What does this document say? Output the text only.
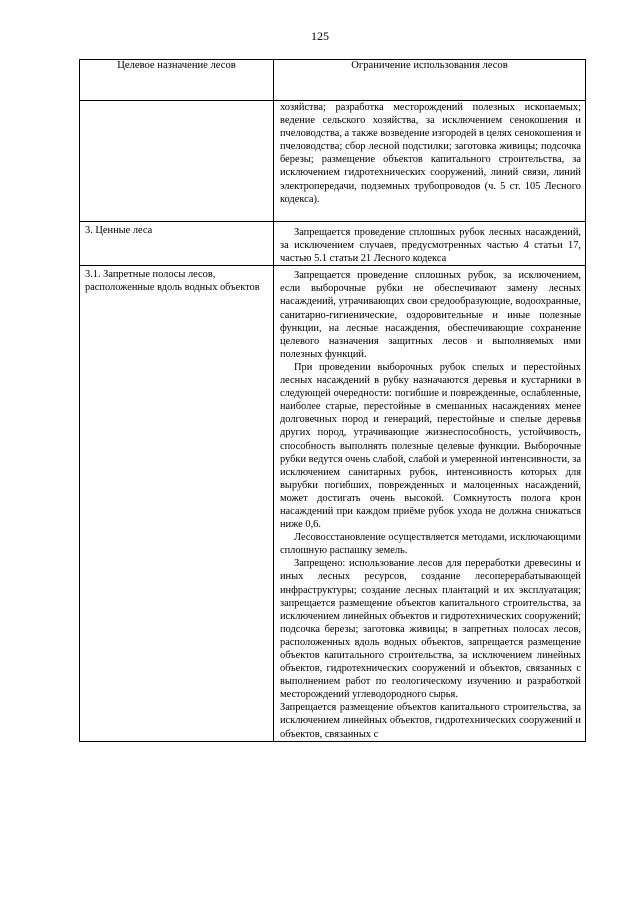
125
Целевое назначение лесов	Ограничение использования лесов

	хозяйства; разработка месторождений полезных ископаемых; ведение сельского хозяйства, за исключением сенокошения и пчеловодства, а также возведение изгородей в целях сенокошения и пчеловодства; сбор лесной подстилки; заготовка живицы; подсочка березы; размещение объектов капитального строительства, за исключением гидротехнических сооружений, линий связи, линий электропередачи, подземных трубопроводов (ч. 5 ст. 105 Лесного кодекса).

3. Ценные леса	Запрещается проведение сплошных рубок лесных насаждений, за исключением случаев, предусмотренных частью 4 статьи 17, частью 5.1 статьи 21 Лесного кодекса

3.1. Запретные полосы лесов, расположенные вдоль водных объектов	Запрещается проведение сплошных рубок, за исключением, если выборочные рубки не обеспечивают замену лесных насаждений, утрачивающих свои средообразующие, водоохранные, санитарно-гигиенические, оздоровительные и иные полезные функции, на лесные насаждения, обеспечивающие сохранение целевого назначения защитных лесов и выполняемых ими полезных функций.

При проведении выборочных рубок спелых и перестойных лесных насаждений в рубку назначаются деревья и кустарники в следующей очередности: погибшие и поврежденные, ослабленные, наиболее старые, перестойные в смешанных насаждениях менее долговечных пород и генераций, перестойные и спелые деревья других пород, утрачивающие жизнеспособность, устойчивость, способность выполнять полезные целевые функции. Выборочные рубки ведутся очень слабой, слабой и умеренной интенсивности, за исключением санитарных рубок, интенсивность которых для вырубки погибших, поврежденных и малоценных насаждений, может достигать очень высокой. Сомкнутость полога крон насаждений при каждом приёме рубок ухода не должна снижаться ниже 0,6.

Лесовосстановление осуществляется методами, исключающими сплошную распашку земель.

Запрещено: использование лесов для переработки древесины и иных лесных ресурсов, создание лесоперерабатывающей инфраструктуры; создание лесных плантаций и их эксплуатация; запрещается размещение объектов капитального строительства, за исключением линейных объектов и гидротехнических сооружений; подсочка березы; заготовка живицы; в запретных полосах лесов, расположенных вдоль водных объектов, запрещается размещение объектов капитального строительства, за исключением линейных объектов, гидротехнических сооружений и объектов, связанных с выполнением работ по геологическому изучению и разработкой месторождений углеводородного сырья.

Запрещается размещение объектов капитального строительства, за исключением линейных объектов, гидротехнических сооружений и объектов, связанных с
